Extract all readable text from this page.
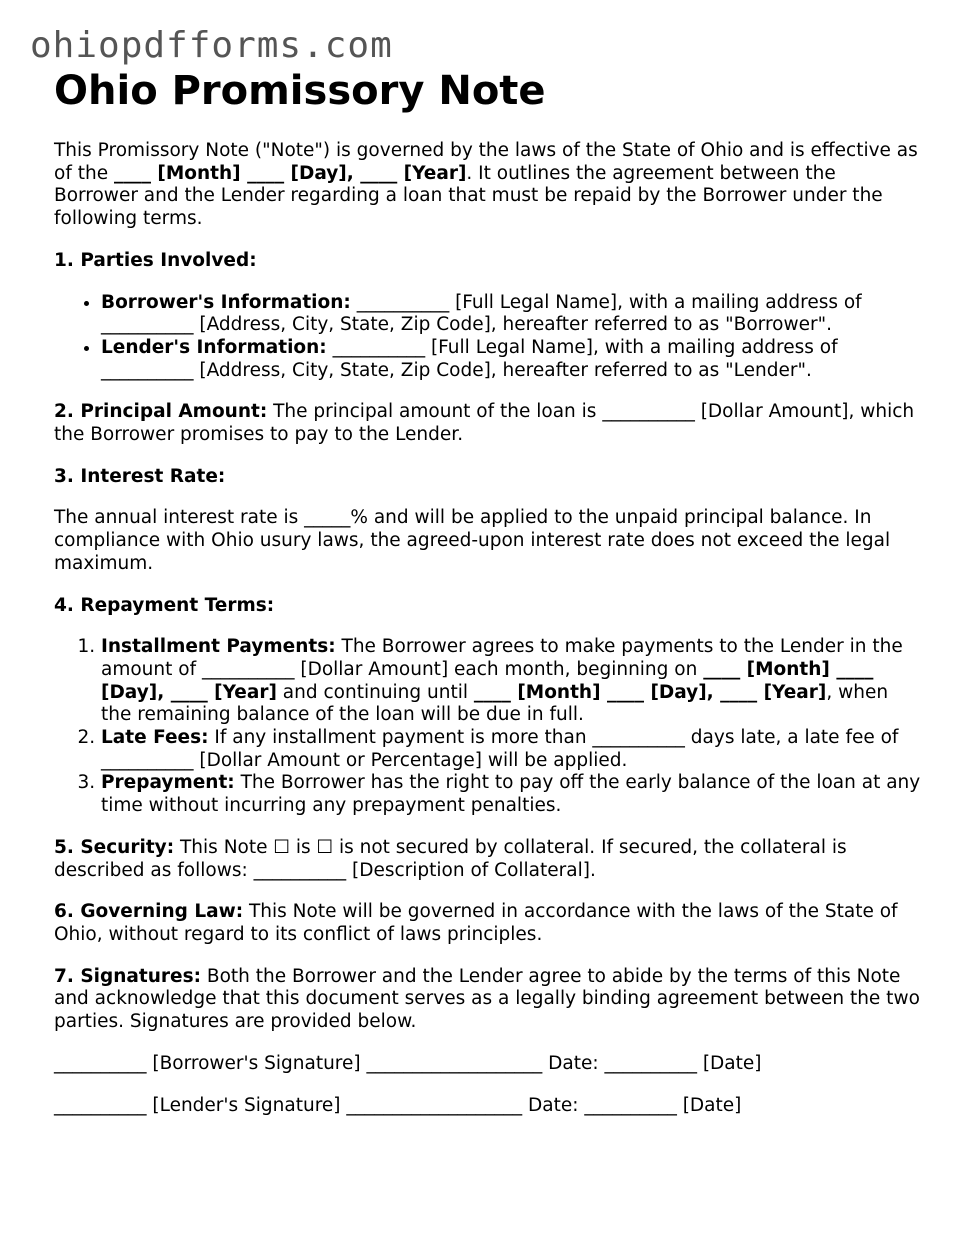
ohiopdfforms.com
Ohio Promissory Note

This Promissory Note ("Note") is governed by the laws of the State of Ohio and is effective as of the ____ [Month] ____ [Day], ____ [Year]. It outlines the agreement between the Borrower and the Lender regarding a loan that must be repaid by the Borrower under the following terms.

1. Parties Involved:
• Borrower's Information: __________ [Full Legal Name], with a mailing address of __________ [Address, City, State, Zip Code], hereafter referred to as "Borrower".
• Lender's Information: __________ [Full Legal Name], with a mailing address of __________ [Address, City, State, Zip Code], hereafter referred to as "Lender".

2. Principal Amount: The principal amount of the loan is __________ [Dollar Amount], which the Borrower promises to pay to the Lender.

3. Interest Rate:

The annual interest rate is _____% and will be applied to the unpaid principal balance. In compliance with Ohio usury laws, the agreed-upon interest rate does not exceed the legal maximum.

4. Repayment Terms:
1. Installment Payments: The Borrower agrees to make payments to the Lender in the amount of __________ [Dollar Amount] each month, beginning on ____ [Month] ____ [Day], ____ [Year] and continuing until ____ [Month] ____ [Day], ____ [Year], when the remaining balance of the loan will be due in full.
2. Late Fees: If any installment payment is more than __________ days late, a late fee of __________ [Dollar Amount or Percentage] will be applied.
3. Prepayment: The Borrower has the right to pay off the early balance of the loan at any time without incurring any prepayment penalties.

5. Security: This Note ☐ is ☐ is not secured by collateral. If secured, the collateral is described as follows: __________ [Description of Collateral].

6. Governing Law: This Note will be governed in accordance with the laws of the State of Ohio, without regard to its conflict of laws principles.

7. Signatures: Both the Borrower and the Lender agree to abide by the terms of this Note and acknowledge that this document serves as a legally binding agreement between the two parties. Signatures are provided below.

__________ [Borrower's Signature] ___________________ Date: __________ [Date]

__________ [Lender's Signature] ___________________ Date: __________ [Date]
